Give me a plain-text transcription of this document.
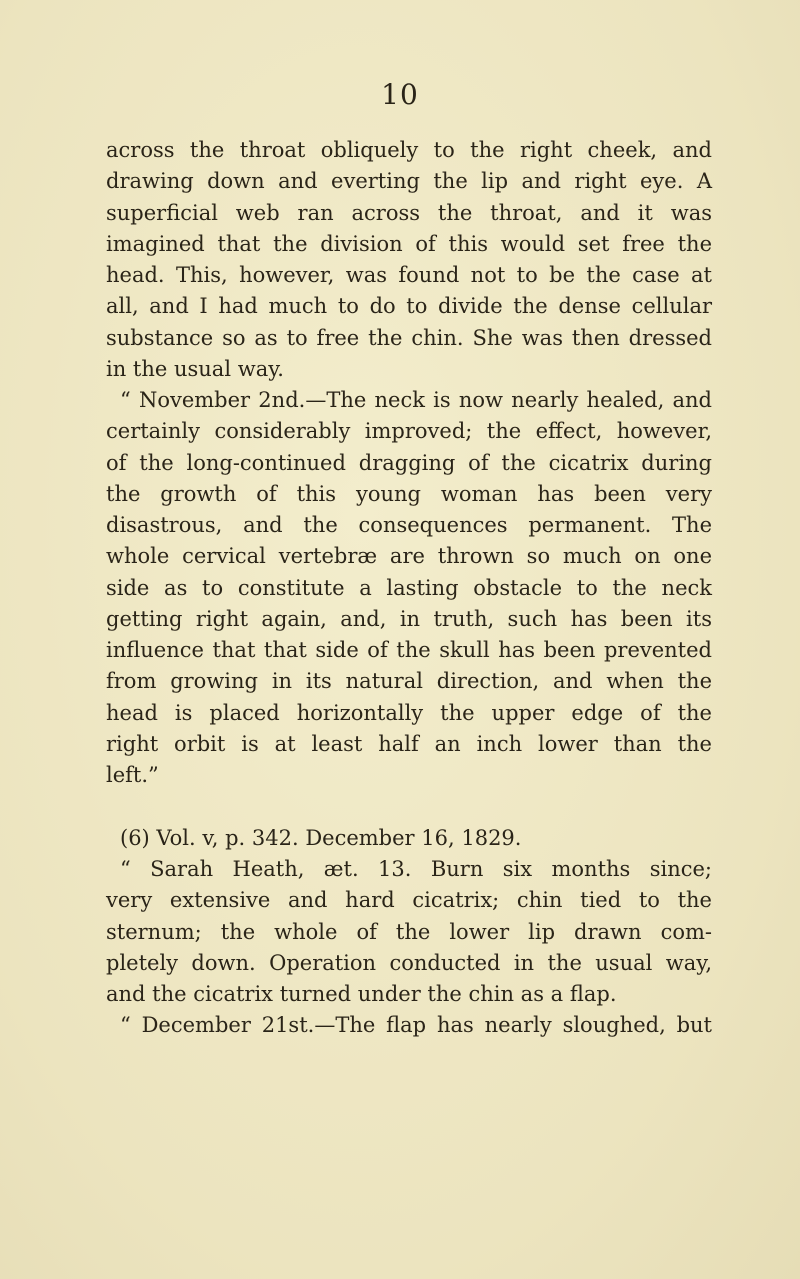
10
across the throat obliquely to the right cheek, and
drawing down and everting the lip and right eye. A
superficial web ran across the throat, and it was
imagined that the division of this would set free the
head. This, however, was found not to be the case at
all, and I had much to do to divide the dense cellular
substance so as to free the chin. She was then dressed
in the usual way.
“ November 2nd.—The neck is now nearly healed, and
certainly considerably improved; the effect, however,
of the long-continued dragging of the cicatrix during
the growth of this young woman has been very
disastrous, and the consequences permanent. The
whole cervical vertebræ are thrown so much on one
side as to constitute a lasting obstacle to the neck
getting right again, and, in truth, such has been its
influence that that side of the skull has been prevented
from growing in its natural direction, and when the
head is placed horizontally the upper edge of the
right orbit is at least half an inch lower than the
left.”
(6) Vol. v, p. 342. December 16, 1829.
“ Sarah Heath, æt. 13. Burn six months since;
very extensive and hard cicatrix; chin tied to the
sternum; the whole of the lower lip drawn com-
pletely down. Operation conducted in the usual way,
and the cicatrix turned under the chin as a flap.
“ December 21st.—The flap has nearly sloughed, but
